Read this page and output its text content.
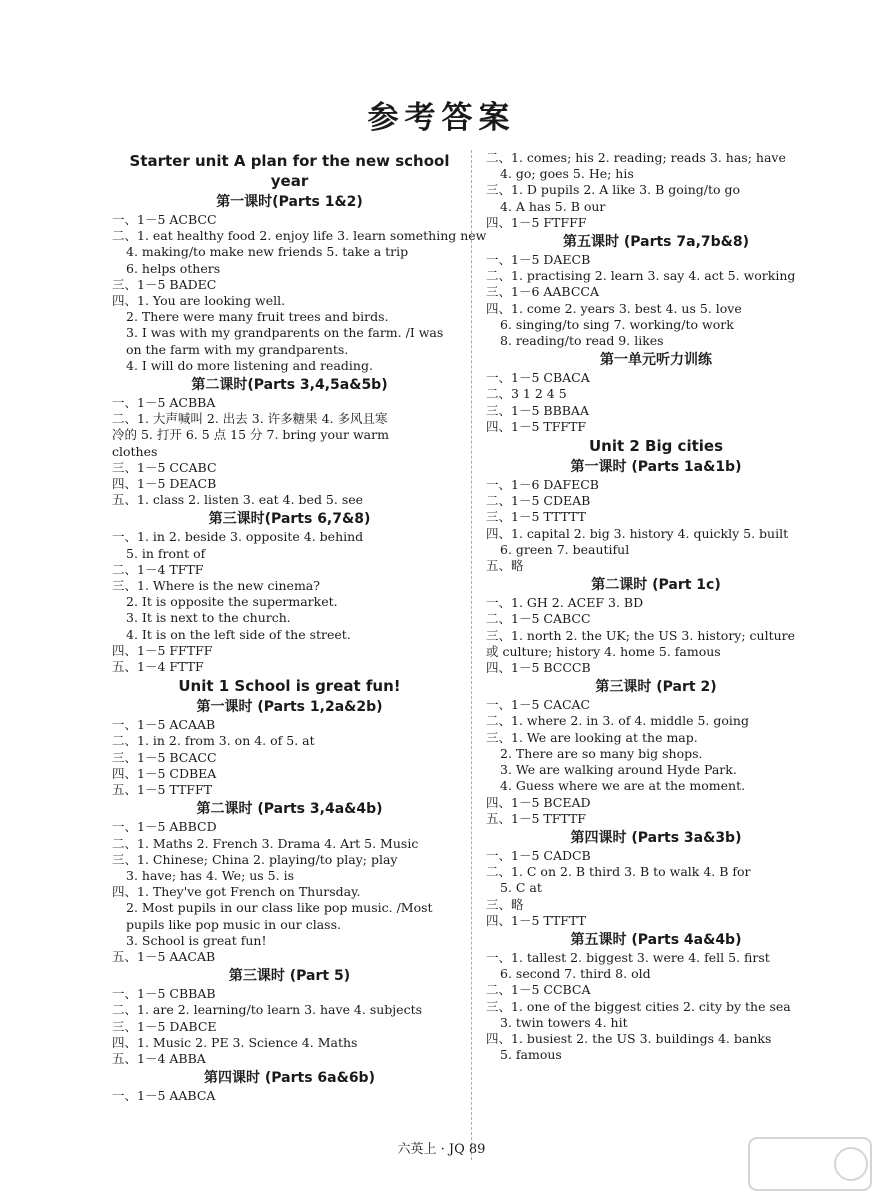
参考答案
Starter unit A plan for the new school year
第一课时(Parts 1&2)
一、1－5 ACBCC
二、1. eat healthy food 2. enjoy life 3. learn something new
4. making/to make new friends 5. take a trip
6. helps others
三、1－5 BADEC
四、1. You are looking well.
2. There were many fruit trees and birds.
3. I was with my grandparents on the farm. /I was
on the farm with my grandparents.
4. I will do more listening and reading.
第二课时(Parts 3,4,5a&5b)
一、1－5 ACBBA
二、1. 大声喊叫 2. 出去 3. 许多糖果 4. 多风且寒
冷的 5. 打开 6. 5 点 15 分 7. bring your warm
clothes
三、1－5 CCABC
四、1－5 DEACB
五、1. class 2. listen 3. eat 4. bed 5. see
第三课时(Parts 6,7&8)
一、1. in 2. beside 3. opposite 4. behind
5. in front of
二、1－4 TFTF
三、1. Where is the new cinema?
2. It is opposite the supermarket.
3. It is next to the church.
4. It is on the left side of the street.
四、1－5 FFTFF
五、1－4 FTTF
Unit 1 School is great fun!
第一课时 (Parts 1,2a&2b)
一、1－5 ACAAB
二、1. in 2. from 3. on 4. of 5. at
三、1－5 BCACC
四、1－5 CDBEA
五、1－5 TTFFT
第二课时 (Parts 3,4a&4b)
一、1－5 ABBCD
二、1. Maths 2. French 3. Drama 4. Art 5. Music
三、1. Chinese; China 2. playing/to play; play
3. have; has 4. We; us 5. is
四、1. They've got French on Thursday.
2. Most pupils in our class like pop music. /Most
pupils like pop music in our class.
3. School is great fun!
五、1－5 AACAB
第三课时 (Part 5)
一、1－5 CBBAB
二、1. are 2. learning/to learn 3. have 4. subjects
三、1－5 DABCE
四、1. Music 2. PE 3. Science 4. Maths
五、1－4 ABBA
第四课时 (Parts 6a&6b)
一、1－5 AABCA
二、1. comes; his 2. reading; reads 3. has; have
4. go; goes 5. He; his
三、1. D pupils 2. A like 3. B going/to go
4. A has 5. B our
四、1－5 FTFFF
第五课时 (Parts 7a,7b&8)
一、1－5 DAECB
二、1. practising 2. learn 3. say 4. act 5. working
三、1－6 AABCCA
四、1. come 2. years 3. best 4. us 5. love
6. singing/to sing 7. working/to work
8. reading/to read 9. likes
第一单元听力训练
一、1－5 CBACA
二、3 1 2 4 5
三、1－5 BBBAA
四、1－5 TFFTF
Unit 2 Big cities
第一课时 (Parts 1a&1b)
一、1－6 DAFECB
二、1－5 CDEAB
三、1－5 TTTTT
四、1. capital 2. big 3. history 4. quickly 5. built
6. green 7. beautiful
五、略
第二课时 (Part 1c)
一、1. GH 2. ACEF 3. BD
二、1－5 CABCC
三、1. north 2. the UK; the US 3. history; culture
或 culture; history 4. home 5. famous
四、1－5 BCCCB
第三课时 (Part 2)
一、1－5 CACAC
二、1. where 2. in 3. of 4. middle 5. going
三、1. We are looking at the map.
2. There are so many big shops.
3. We are walking around Hyde Park.
4. Guess where we are at the moment.
四、1－5 BCEAD
五、1－5 TFTTF
第四课时 (Parts 3a&3b)
一、1－5 CADCB
二、1. C on 2. B third 3. B to walk 4. B for
5. C at
三、略
四、1－5 TTFTT
第五课时 (Parts 4a&4b)
一、1. tallest 2. biggest 3. were 4. fell 5. first
6. second 7. third 8. old
二、1－5 CCBCA
三、1. one of the biggest cities 2. city by the sea
3. twin towers 4. hit
四、1. busiest 2. the US 3. buildings 4. banks
5. famous
六英上 · JQ 89
